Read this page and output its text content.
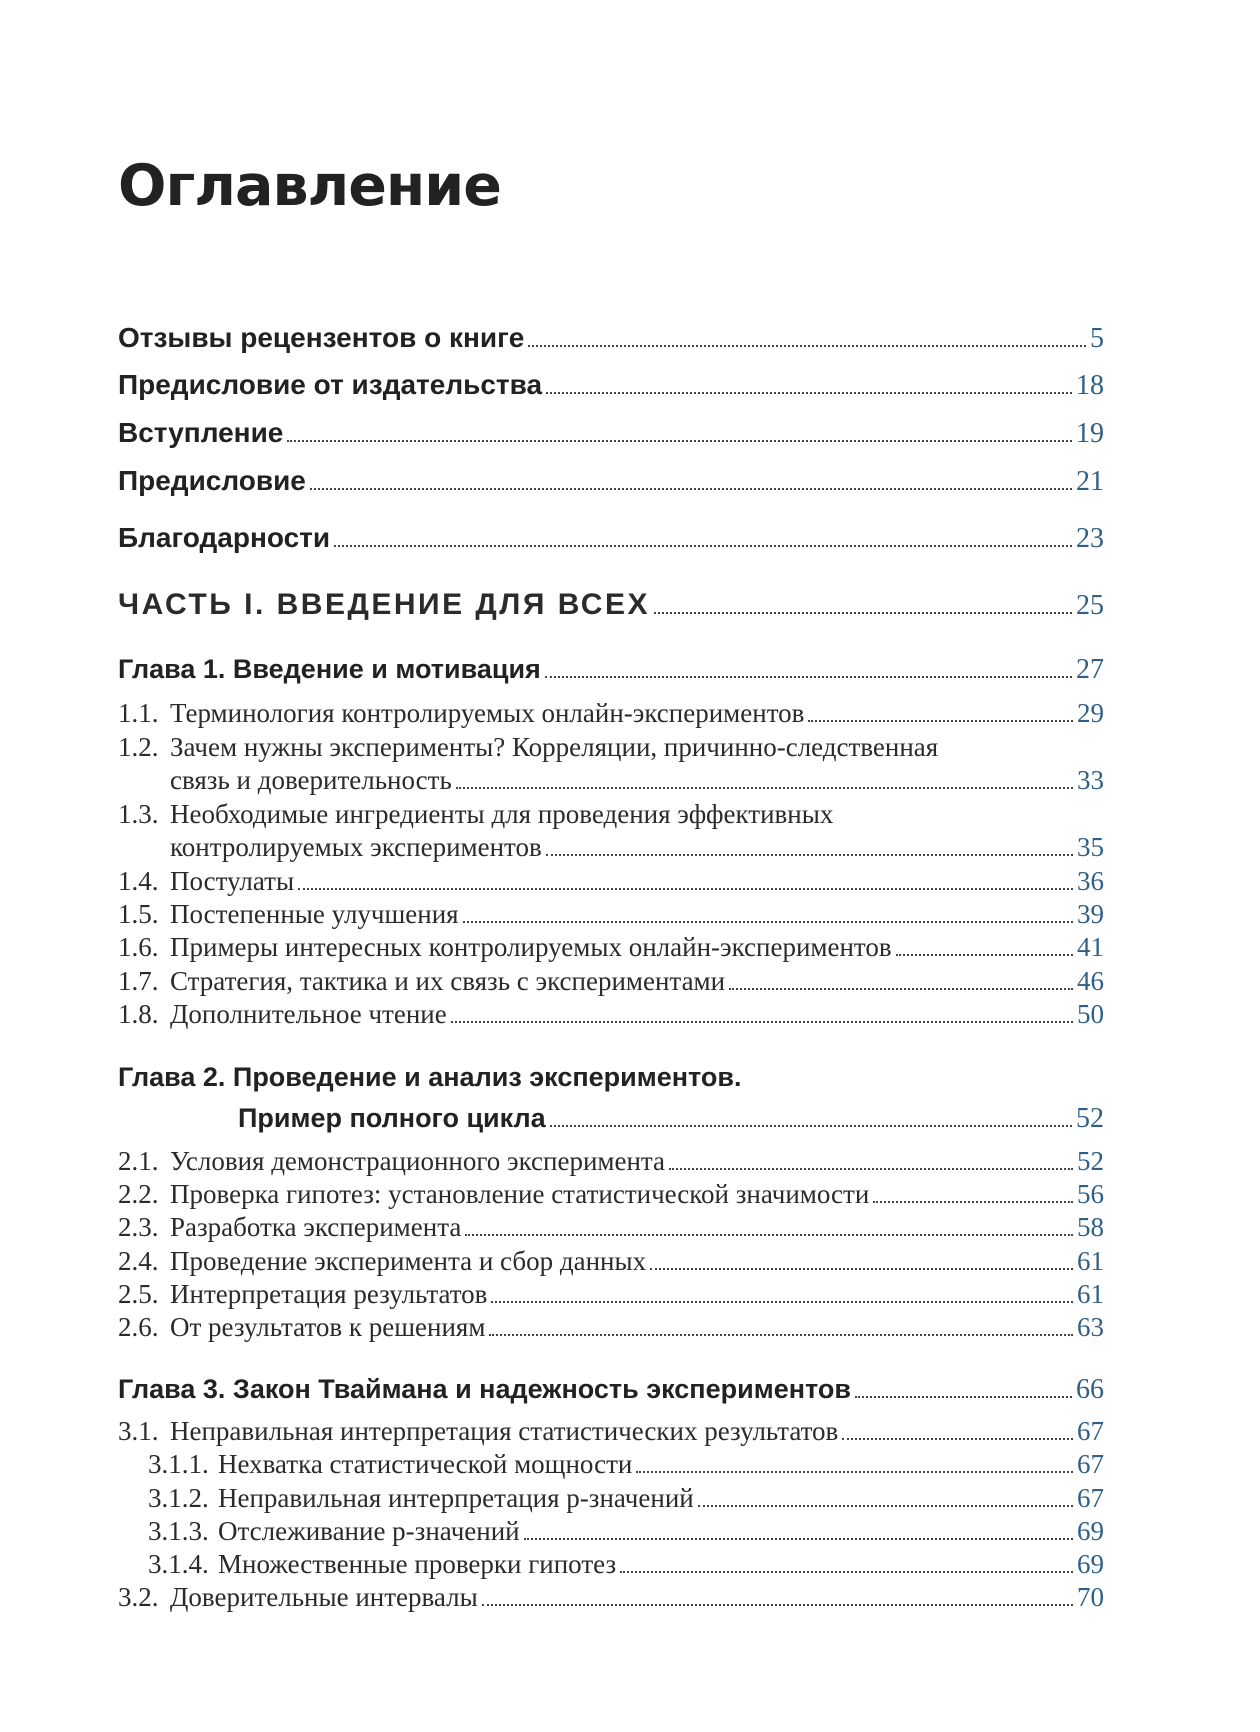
Оглавление
Отзывы рецензентов о книге	5
Предисловие от издательства	18
Вступление	19
Предисловие	21
Благодарности	23
ЧАСТЬ I. ВВЕДЕНИЕ ДЛЯ ВСЕХ	25
Глава 1. Введение и мотивация	27
1.1. Терминология контролируемых онлайн-экспериментов	29
1.2. Зачем нужны эксперименты? Корреляции, причинно-следственная
связь и доверительность	33
1.3. Необходимые ингредиенты для проведения эффективных
контролируемых экспериментов	35
1.4. Постулаты	36
1.5. Постепенные улучшения	39
1.6. Примеры интересных контролируемых онлайн-экспериментов	41
1.7. Стратегия, тактика и их связь с экспериментами	46
1.8. Дополнительное чтение	50
Глава 2. Проведение и анализ экспериментов.
Пример полного цикла	52
2.1. Условия демонстрационного эксперимента	52
2.2. Проверка гипотез: установление статистической значимости	56
2.3. Разработка эксперимента	58
2.4. Проведение эксперимента и сбор данных	61
2.5. Интерпретация результатов	61
2.6. От результатов к решениям	63
Глава 3. Закон Тваймана и надежность экспериментов	66
3.1. Неправильная интерпретация статистических результатов	67
3.1.1. Нехватка статистической мощности	67
3.1.2. Неправильная интерпретация p-значений	67
3.1.3. Отслеживание p-значений	69
3.1.4. Множественные проверки гипотез	69
3.2. Доверительные интервалы	70
